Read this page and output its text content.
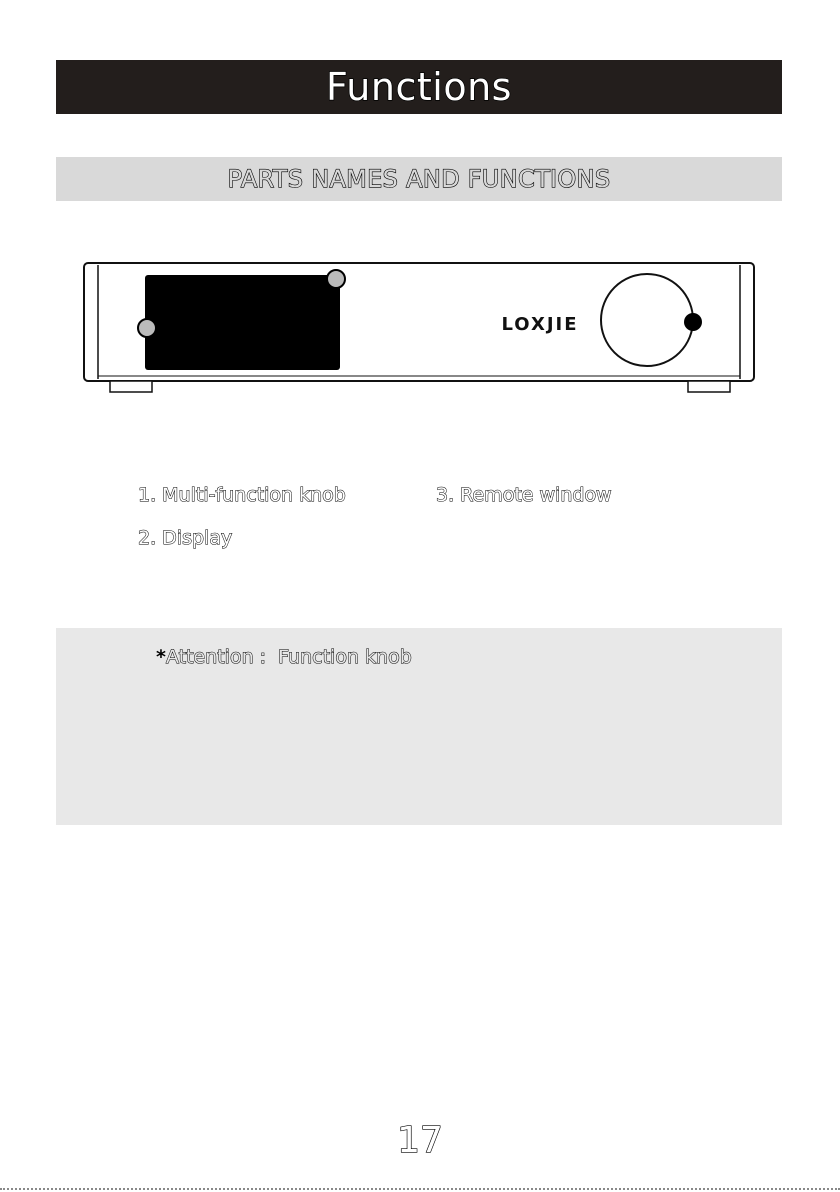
Functions
PARTS NAMES AND FUNCTIONS
LOXJIE
1. Multi-function knob	3. Remote window
2. Display
*Attention : Function knob
17
